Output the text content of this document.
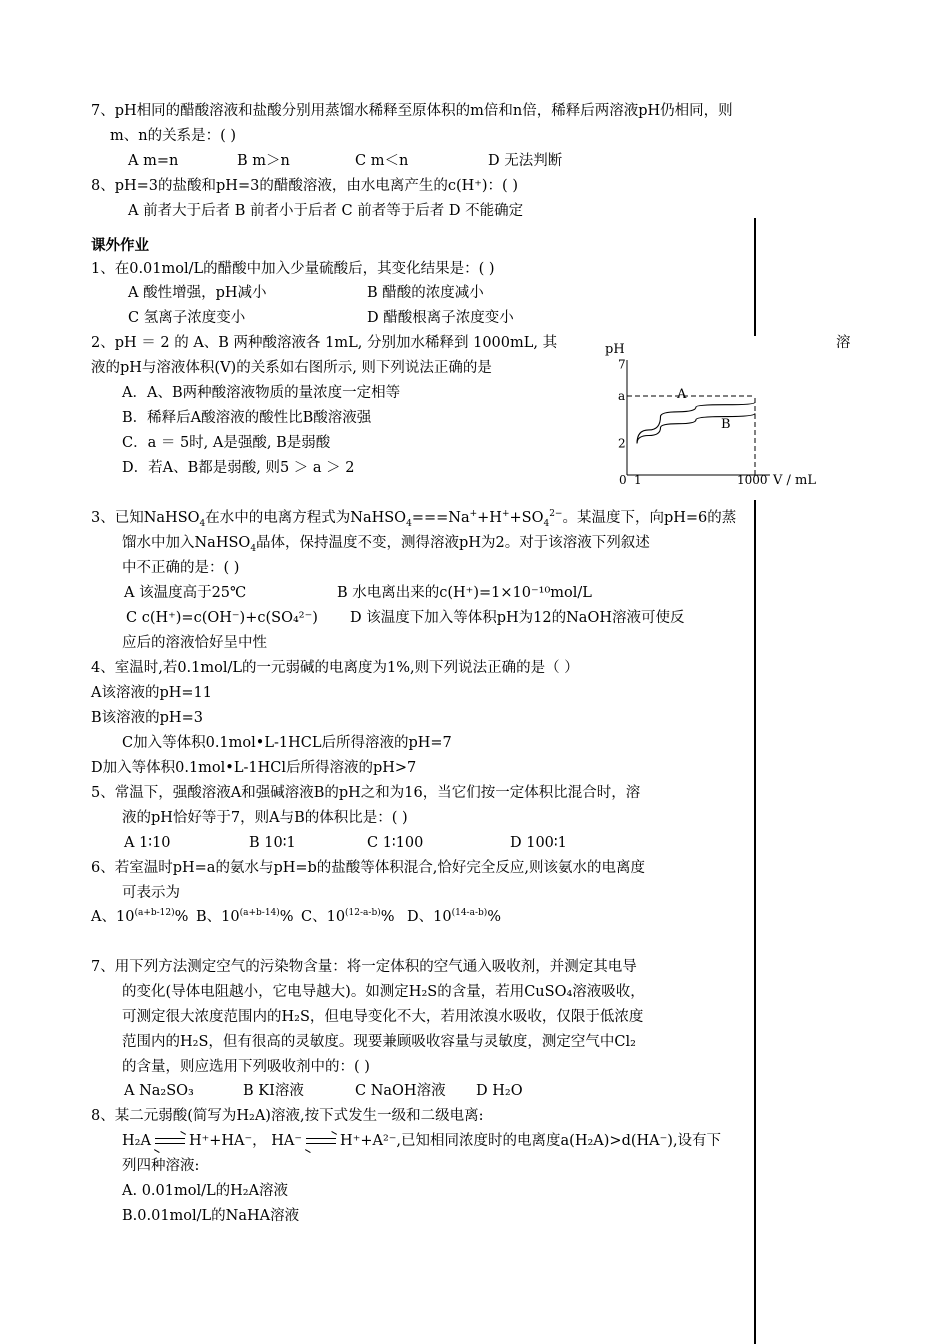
7、pH相同的醋酸溶液和盐酸分别用蒸馏水稀释至原体积的m倍和n倍，稀释后两溶液pH仍相同，则
m、n的关系是：( )
A m=n	B m＞n	C m＜n	D 无法判断
8、pH=3的盐酸和pH=3的醋酸溶液，由水电离产生的c(H⁺)：( )
A 前者大于后者 B 前者小于后者 C 前者等于后者 D 不能确定
课外作业
1、在0.01mol/L的醋酸中加入少量硫酸后，其变化结果是：( )
A 酸性增强，pH减小	B 醋酸的浓度减小
C 氢离子浓度变小	D 醋酸根离子浓度变小
2、pH ＝ 2 的 A、B 两种酸溶液各 1mL, 分别加水稀释到 1000mL, 其	溶
液的pH与溶液体积(V)的关系如右图所示, 则下列说法正确的是
A．A、B两种酸溶液物质的量浓度一定相等
B．稀释后A酸溶液的酸性比B酸溶液强
C．a ＝ 5时, A是强酸, B是弱酸
D．若A、B都是弱酸, 则5 ＞ a ＞ 2
pH
V / mL
2
a
7
0 1	1000
A
B
3、已知NaHSO$_4$在水中的电离方程式为$NaHSO_4===Na^++H^++SO_4^{2-}$。某温度下，向pH=6的蒸
馏水中加入NaHSO$_4$晶体，保持温度不变，测得溶液pH为2。对于该溶液下列叙述
中不正确的是：( )
A 该温度高于25℃	B 水电离出来的c(H⁺)=1×10⁻¹⁰mol/L
C c(H⁺)=c(OH⁻)+c(SO₄²⁻) D 该温度下加入等体积pH为12的NaOH溶液可使反
应后的溶液恰好呈中性
4、室温时,若0.1mol/L的一元弱碱的电离度为1%,则下列说法正确的是（ ）
A该溶液的pH=11
B该溶液的pH=3
C加入等体积0.1mol•L-1HCL后所得溶液的pH=7
D加入等体积0.1mol•L-1HCl后所得溶液的pH>7
5、常温下，强酸溶液A和强碱溶液B的pH之和为16，当它们按一定体积比混合时，溶
液的pH恰好等于7，则A与B的体积比是：( )
A 1∶10	B 10∶1	C 1∶100	D 100∶1
6、若室温时pH=a的氨水与pH=b的盐酸等体积混合,恰好完全反应,则该氨水的电离度
可表示为
A、$10^{(a+b-12)}\%$ B、$10^{(a+b-14)}\%$ C、10$^{(12-a-b)}$% D、10$^{(14-a-b)}$%
7、用下列方法测定空气的污染物含量：将一定体积的空气通入吸收剂，并测定其电导
的变化(导体电阻越小，它电导越大)。如测定H₂S的含量，若用CuSO₄溶液吸收，
可测定很大浓度范围内的H₂S，但电导变化不大，若用浓溴水吸收，仅限于低浓度
范围内的H₂S，但有很高的灵敏度。现要兼顾吸收容量与灵敏度，测定空气中Cl₂
的含量，则应选用下列吸收剂中的：( )
A Na₂SO₃	B KI溶液	C NaOH溶液 D H₂O
8、某二元弱酸(简写为H₂A)溶液,按下式发生一级和二级电离:
H₂A → H⁺+HA⁻， HA⁻ → H⁺+A²⁻,已知相同浓度时的电离度a(H₂A)>d(HA⁻),设有下
列四种溶液:
A. 0.01mol/L的H₂A溶液
B.0.01mol/L的NaHA溶液
